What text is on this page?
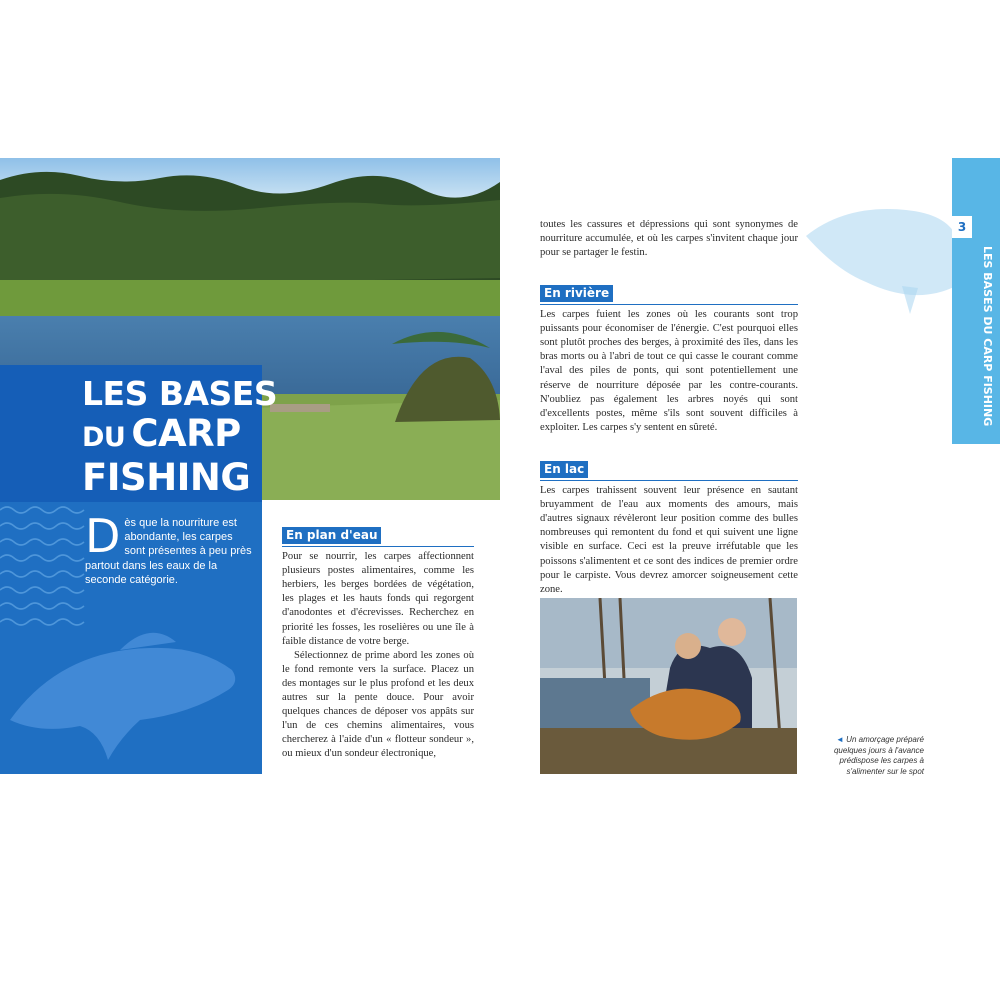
LES BASES
DU CARP
FISHING
Dès que la nourriture est abondante, les carpes sont présentes à peu près partout dans les eaux de la seconde catégorie.
En plan d'eau

Pour se nourrir, les carpes affectionnent plusieurs postes alimentaires, comme les herbiers, les berges bordées de végétation, les plages et les hauts fonds qui regorgent d'anodontes et d'écrevisses. Recherchez en priorité les fosses, les roselières ou une île à faible distance de votre berge.

Sélectionnez de prime abord les zones où le fond remonte vers la surface. Placez un des montages sur le plus profond et les deux autres sur la pente douce. Pour avoir quelques chances de déposer vos appâts sur l'un de ces chemins alimentaires, vous chercherez à l'aide d'un « flotteur sondeur », ou mieux d'un sondeur électronique,

toutes les cassures et dépressions qui sont synonymes de nourriture accumulée, et où les carpes s'invitent chaque jour pour se partager le festin.

En rivière

Les carpes fuient les zones où les courants sont trop puissants pour économiser de l'énergie. C'est pourquoi elles sont plutôt proches des berges, à proximité des îles, dans les bras morts ou à l'abri de tout ce qui casse le courant comme l'aval des piles de ponts, qui sont potentiellement une réserve de nourriture déposée par les contre-courants. N'oubliez pas également les arbres noyés qui sont d'excellents postes, même s'ils sont souvent difficiles à exploiter. Les carpes s'y sentent en sûreté.

En lac

Les carpes trahissent souvent leur présence en sautant bruyamment de l'eau aux moments des amours, mais d'autres signaux révèleront leur position comme des bulles nombreuses qui remontent du fond et qui suivent une ligne visible en surface. Ceci est la preuve irréfutable que les poissons s'alimentent et ce sont des indices de premier ordre pour le carpiste. Vous devrez amorcer soigneusement cette zone.

◄ Un amorçage préparé quelques jours à l'avance prédispose les carpes à s'alimenter sur le spot
3
LES BASES DU CARP FISHING
